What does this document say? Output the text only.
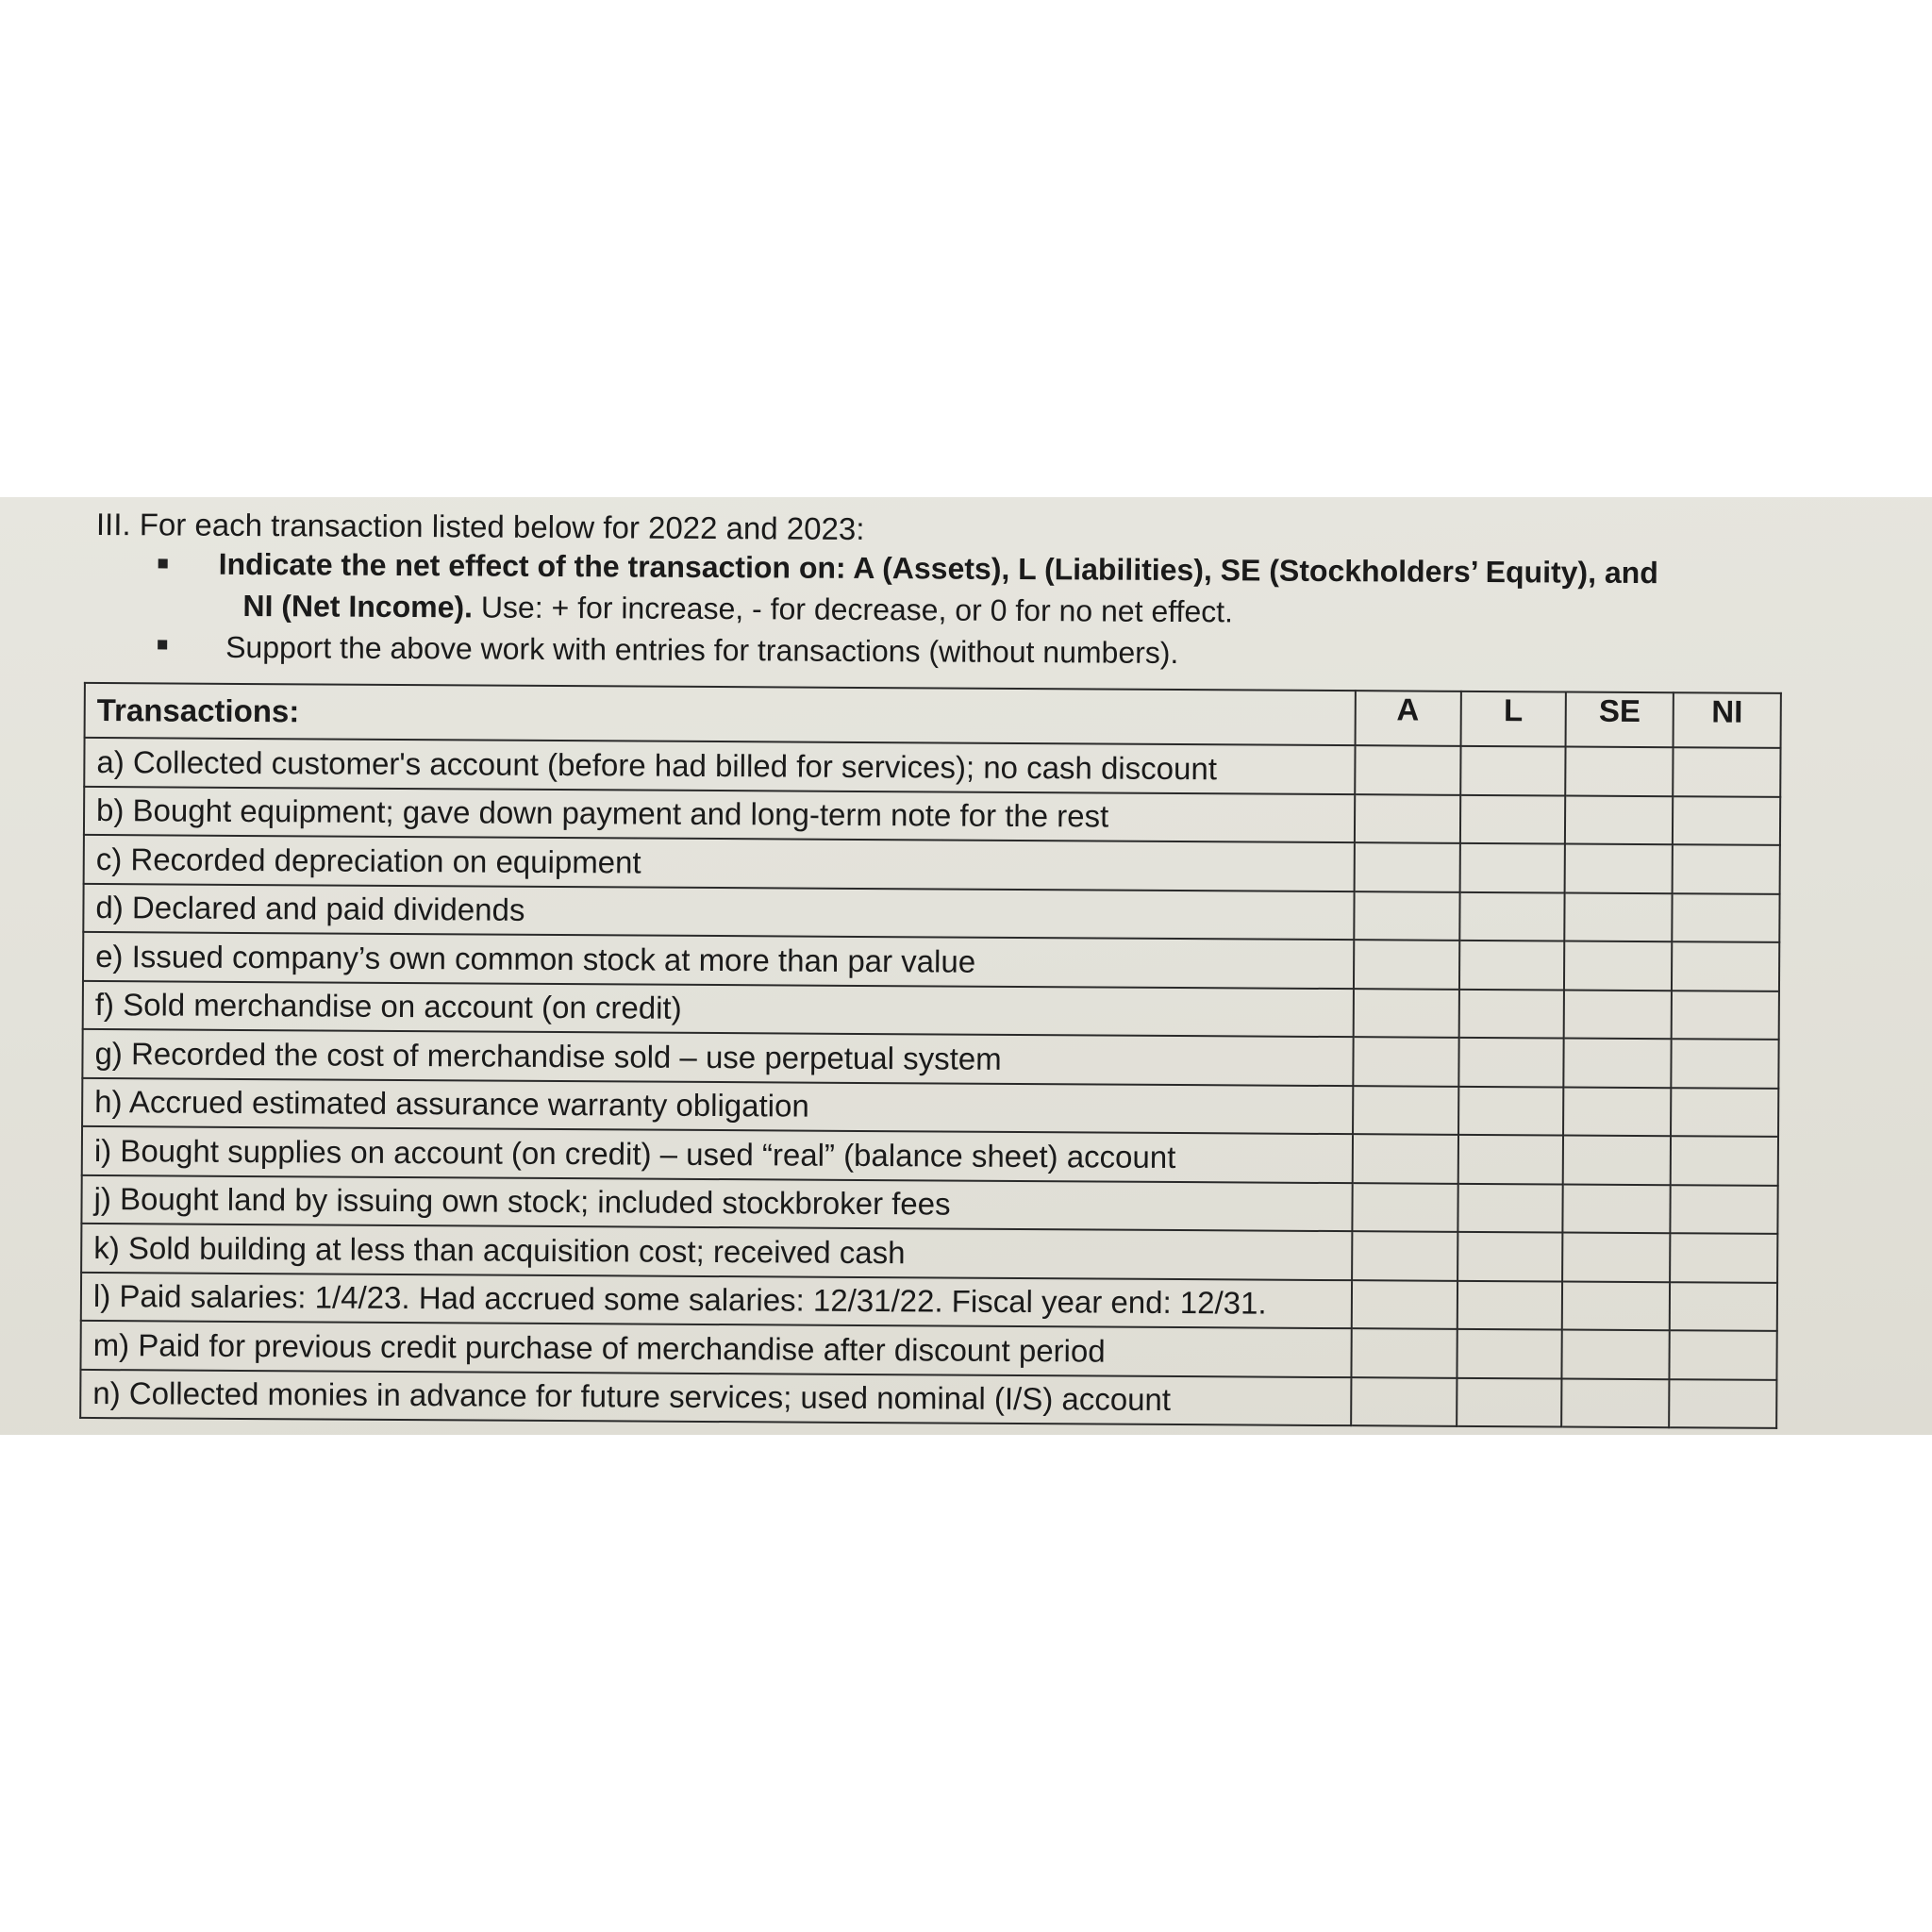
III. For each transaction listed below for 2022 and 2023:
Indicate the net effect of the transaction on: A (Assets), L (Liabilities), SE (Stockholders’ Equity), and
NI (Net Income). Use: + for increase, - for decrease, or 0 for no net effect.
Support the above work with entries for transactions (without numbers).
Transactions:	A	L	SE	NI
a) Collected customer's account (before had billed for services); no cash discount				
b) Bought equipment; gave down payment and long-term note for the rest				
c) Recorded depreciation on equipment				
d) Declared and paid dividends				
e) Issued company’s own common stock at more than par value				
f) Sold merchandise on account (on credit)				
g) Recorded the cost of merchandise sold – use perpetual system				
h) Accrued estimated assurance warranty obligation				
i) Bought supplies on account (on credit) – used “real” (balance sheet) account				
j) Bought land by issuing own stock; included stockbroker fees				
k) Sold building at less than acquisition cost; received cash				
l) Paid salaries: 1/4/23. Had accrued some salaries: 12/31/22. Fiscal year end: 12/31.				
m) Paid for previous credit purchase of merchandise after discount period				
n) Collected monies in advance for future services; used nominal (I/S) account				
